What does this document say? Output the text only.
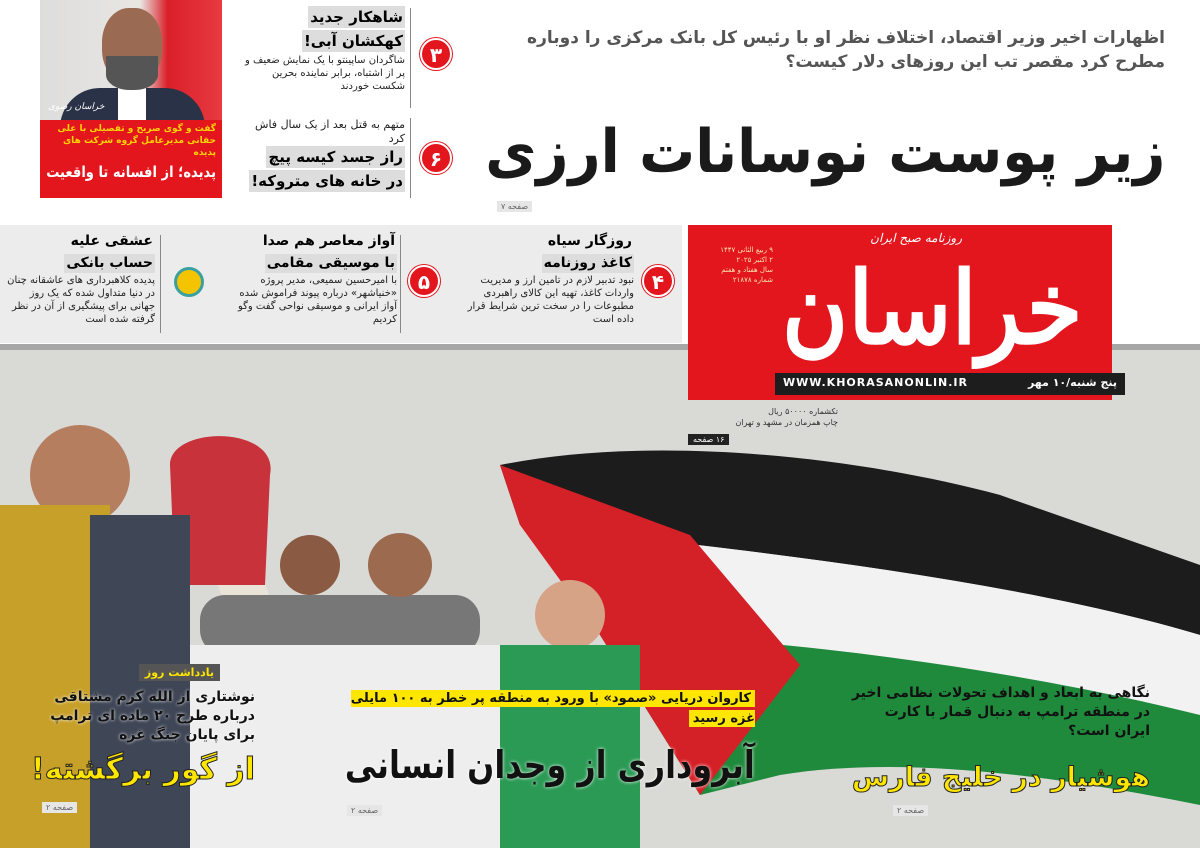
اظهارات اخیر وزیر اقتصاد، اختلاف نظر او با رئیس کل بانک مرکزی را دوباره مطرح کرد مقصر تب این روزهای دلار کیست؟
زیر پوست نوسانات ارزی
صفحه ۷
خراسان رضوی
گفت و گوی صریح و تفصیلی با علی حقانی مدیرعامل گروه شرکت های پدیده
پدیده؛ از افسانه تا واقعیت
۳
شاهکار جدید
کهکشان آبی!
شاگردان ساپینتو با یک نمایش ضعیف و پر از اشتباه، برابر نماینده بحرین شکست خوردند
۶
متهم به قتل بعد از یک سال فاش کرد
راز جسد کیسه پیچ
در خانه های متروکه!
۴
روزگار سیاه
کاغذ روزنامه
نبود تدبیر لازم در تامین ارز و مدیریت واردات کاغذ، تهیه این کالای راهبردی مطبوعات را در سخت ترین شرایط قرار داده است
۵
آواز معاصر هم صدا
با موسیقی مقامی
با امیرحسین سمیعی، مدیر پروژه «خنیاشهر» درباره پیوند فراموش شده آواز ایرانی و موسیقی نواحی گفت وگو کردیم
عشقی علیه
حساب بانکی
پدیده کلاهبرداری های عاشقانه چنان در دنیا متداول شده که یک روز جهانی برای پیشگیری از آن در نظر گرفته شده است
روزنامه صبح ایران
خراسان
۹ ربیع الثانی ۱۴۴۷
۲ اکتبر ۲۰۲۵
سال هفتاد و هفتم
شماره ۲۱۸۷۸
WWW.KHORASANONLIN.IR	پنج شنبه/۱۰ مهر
تکشماره ۵۰۰۰۰ ریال
چاپ همزمان در مشهد و تهران
۱۶ صفحه
یادداشت روز
نوشتاری از الله کرم مشتاقی درباره طرح ۲۰ ماده ای ترامپ برای پایان جنگ غزه
از گور برگشته!
صفحه ۲
کاروان دریایی «صمود» با ورود به منطقه پر خطر به ۱۰۰ مایلی غزه رسید
آبروداری از وجدان انسانی
صفحه ۲
نگاهی به ابعاد و اهداف تحولات نظامی اخیر در منطقه ترامپ به دنبال قمار با کارت ایران است؟
هوشیار در خلیج فارس
صفحه ۲
